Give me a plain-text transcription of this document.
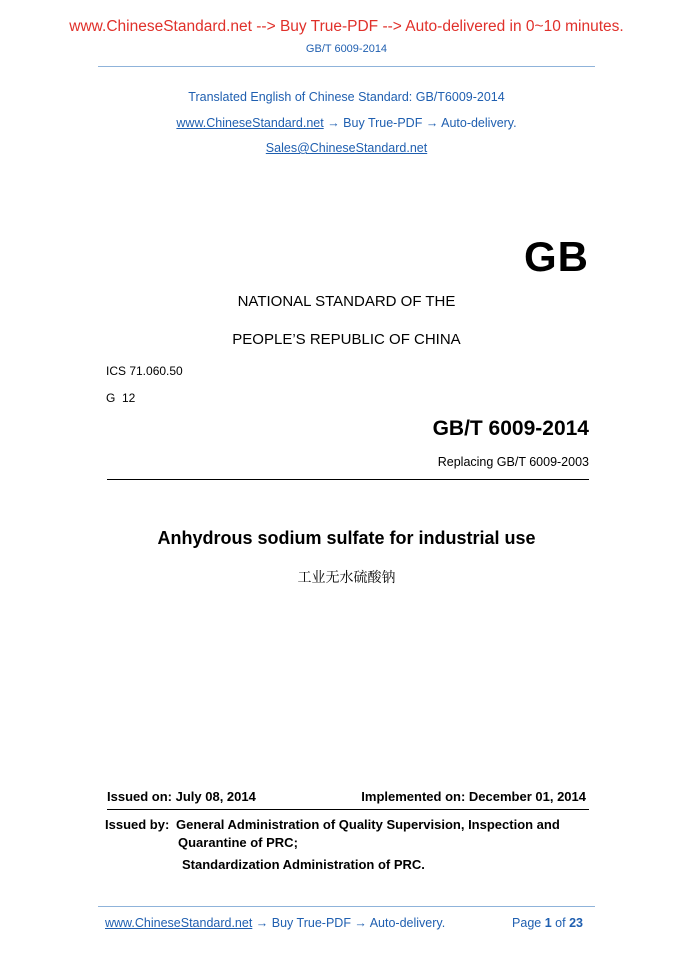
www.ChineseStandard.net --> Buy True-PDF --> Auto-delivered in 0~10 minutes.
GB/T 6009-2014
Translated English of Chinese Standard: GB/T6009-2014
www.ChineseStandard.net → Buy True-PDF → Auto-delivery.
Sales@ChineseStandard.net
GB
NATIONAL STANDARD OF THE
PEOPLE’S REPUBLIC OF CHINA
ICS 71.060.50
G  12
GB/T 6009-2014
Replacing GB/T 6009-2003
Anhydrous sodium sulfate for industrial use
工业无水硫酸钠
Issued on: July 08, 2014	Implemented on: December 01, 2014
Issued by: General Administration of Quality Supervision, Inspection and
Quarantine of PRC;
Standardization Administration of PRC.
www.ChineseStandard.net → Buy True-PDF → Auto-delivery.	Page 1 of 23
